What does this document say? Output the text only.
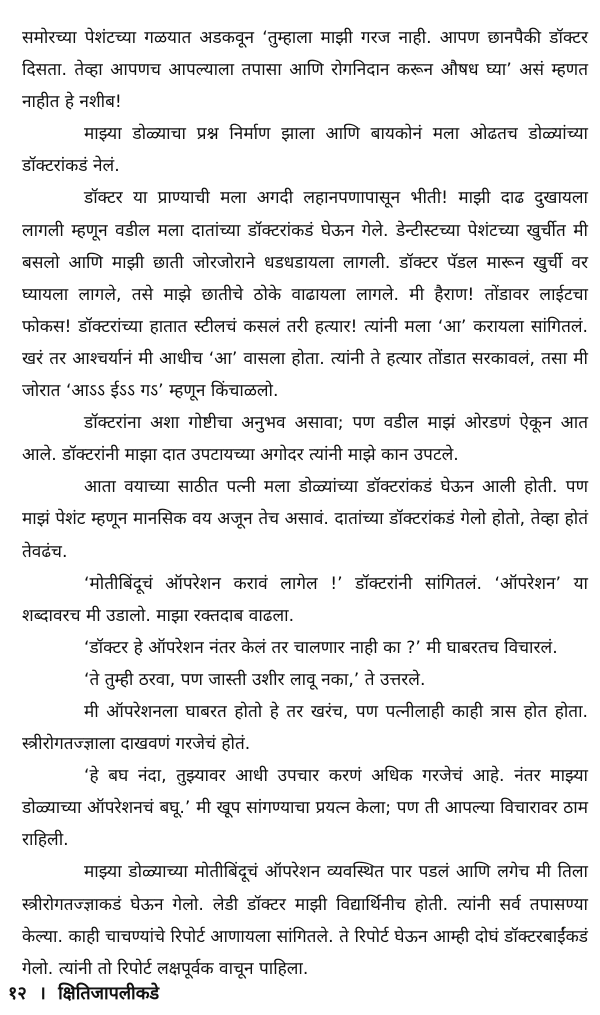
समोरच्या पेशंटच्या गळयात अडकवून ‘तुम्हाला माझी गरज नाही. आपण छानपैकी डॉक्टर दिसता. तेव्हा आपणच आपल्याला तपासा आणि रोगनिदान करून औषध घ्या’ असं म्हणत नाहीत हे नशीब!

माझ्या डोळ्याचा प्रश्न निर्माण झाला आणि बायकोनं मला ओढतच डोळ्यांच्या डॉक्टरांकडं नेलं.

डॉक्टर या प्राण्याची मला अगदी लहानपणापासून भीती! माझी दाढ दुखायला लागली म्हणून वडील मला दातांच्या डॉक्टरांकडं घेऊन गेले. डेन्टीस्टच्या पेशंटच्या खुर्चीत मी बसलो आणि माझी छाती जोरजोराने धडधडायला लागली. डॉक्टर पॅडल मारून खुर्ची वर घ्यायला लागले, तसे माझे छातीचे ठोके वाढायला लागले. मी हैराण! तोंडावर लाईटचा फोकस! डॉक्टरांच्या हातात स्टीलचं कसलं तरी हत्यार! त्यांनी मला ‘आ’ करायला सांगितलं. खरं तर आश्चर्यानं मी आधीच ‘आ’ वासला होता. त्यांनी ते हत्यार तोंडात सरकावलं, तसा मी जोरात ‘आऽऽ ईऽऽ गऽ’ म्हणून किंचाळलो.

डॉक्टरांना अशा गोष्टीचा अनुभव असावा; पण वडील माझं ओरडणं ऐकून आत आले. डॉक्टरांनी माझा दात उपटायच्या अगोदर त्यांनी माझे कान उपटले.

आता वयाच्या साठीत पत्नी मला डोळ्यांच्या डॉक्टरांकडं घेऊन आली होती. पण माझं पेशंट म्हणून मानसिक वय अजून तेच असावं. दातांच्या डॉक्टरांकडं गेलो होतो, तेव्हा होतं तेवढंच.

‘मोतीबिंदूचं ऑपरेशन करावं लागेल !’ डॉक्टरांनी सांगितलं. ‘ऑपरेशन’ या शब्दावरच मी उडालो. माझा रक्तदाब वाढला.

‘डॉक्टर हे ऑपरेशन नंतर केलं तर चालणार नाही का ?’ मी घाबरतच विचारलं.

‘ते तुम्ही ठरवा, पण जास्ती उशीर लावू नका,’ ते उत्तरले.

मी ऑपरेशनला घाबरत होतो हे तर खरंच, पण पत्नीलाही काही त्रास होत होता. स्त्रीरोगतज्ज्ञाला दाखवणं गरजेचं होतं.

‘हे बघ नंदा, तुझ्यावर आधी उपचार करणं अधिक गरजेचं आहे. नंतर माझ्या डोळ्याच्या ऑपरेशनचं बघू.’ मी खूप सांगण्याचा प्रयत्न केला; पण ती आपल्या विचारावर ठाम राहिली.

माझ्या डोळ्याच्या मोतीबिंदूचं ऑपरेशन व्यवस्थित पार पडलं आणि लगेच मी तिला स्त्रीरोगतज्ज्ञाकडं घेऊन गेलो. लेडी डॉक्टर माझी विद्यार्थिनीच होती. त्यांनी सर्व तपासण्या केल्या. काही चाचण्यांचे रिपोर्ट आणायला सांगितले. ते रिपोर्ट घेऊन आम्ही दोघं डॉक्टरबाईंकडं गेलो. त्यांनी तो रिपोर्ट लक्षपूर्वक वाचून पाहिला.

१२ । क्षितिजापलीकडे
